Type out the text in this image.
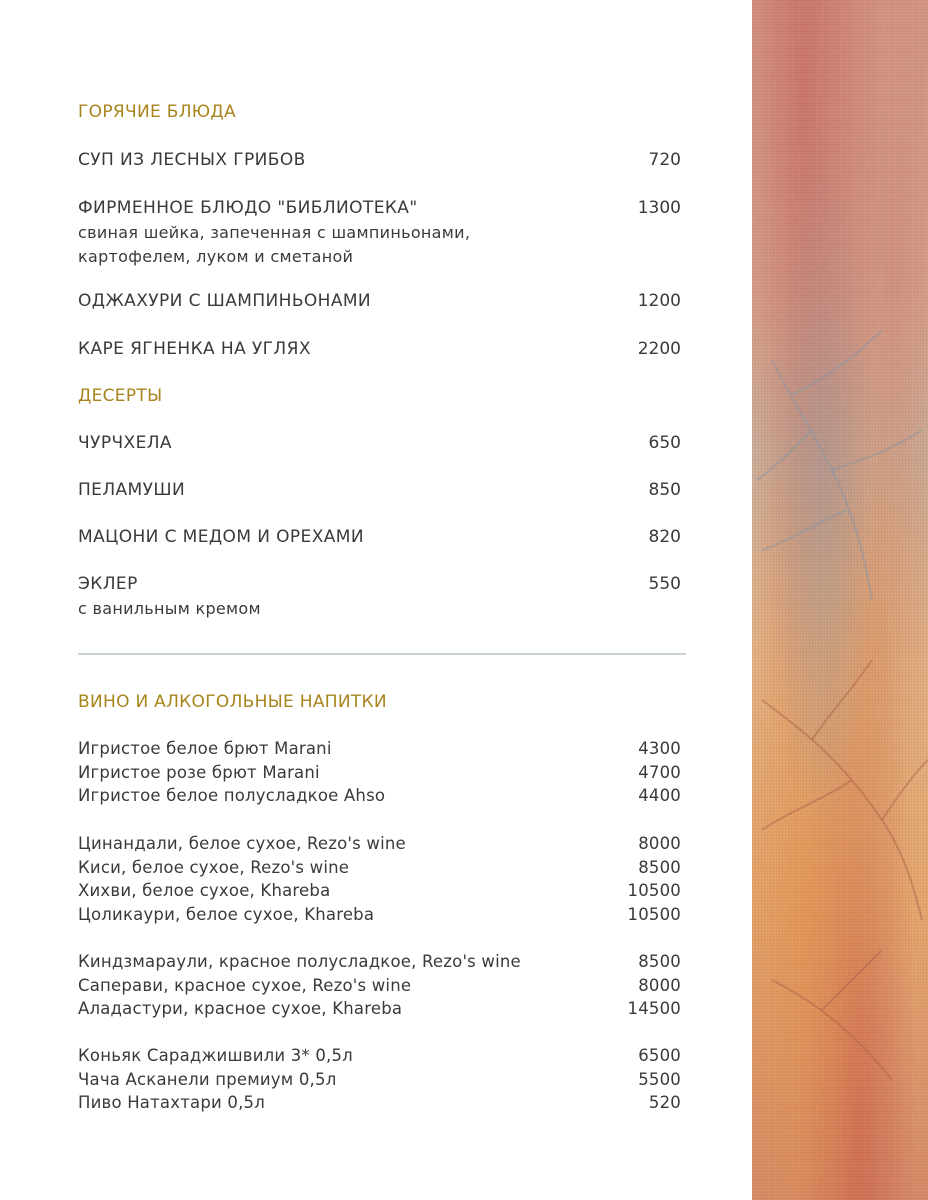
ГОРЯЧИЕ БЛЮДА
СУП ИЗ ЛЕСНЫХ ГРИБОВ	720
ФИРМЕННОЕ БЛЮДО "БИБЛИОТЕКА"	1300
свиная шейка, запеченная с шампиньонами,
картофелем, луком и сметаной
ОДЖАХУРИ С ШАМПИНЬОНАМИ	1200
КАРЕ ЯГНЕНКА НА УГЛЯХ	2200
ДЕСЕРТЫ
ЧУРЧХЕЛА	650
ПЕЛАМУШИ	850
МАЦОНИ С МЕДОМ И ОРЕХАМИ	820
ЭКЛЕР	550
с ванильным кремом
ВИНО И АЛКОГОЛЬНЫЕ НАПИТКИ
Игристое белое брют Marani	4300
Игристое розе брют Marani	4700
Игристое белое полусладкое Ahso	4400
Цинандали, белое сухое, Rezo's wine	8000
Киси, белое сухое, Rezo's wine	8500
Хихви, белое сухое, Khareba	10500
Цоликаури, белое сухое, Khareba	10500
Киндзмараули, красное полусладкое, Rezo's wine	8500
Саперави, красное сухое, Rezo's wine	8000
Аладастури, красное сухое, Khareba	14500
Коньяк Сараджишвили 3* 0,5л	6500
Чача Асканели премиум 0,5л	5500
Пиво Натахтари 0,5л	520
